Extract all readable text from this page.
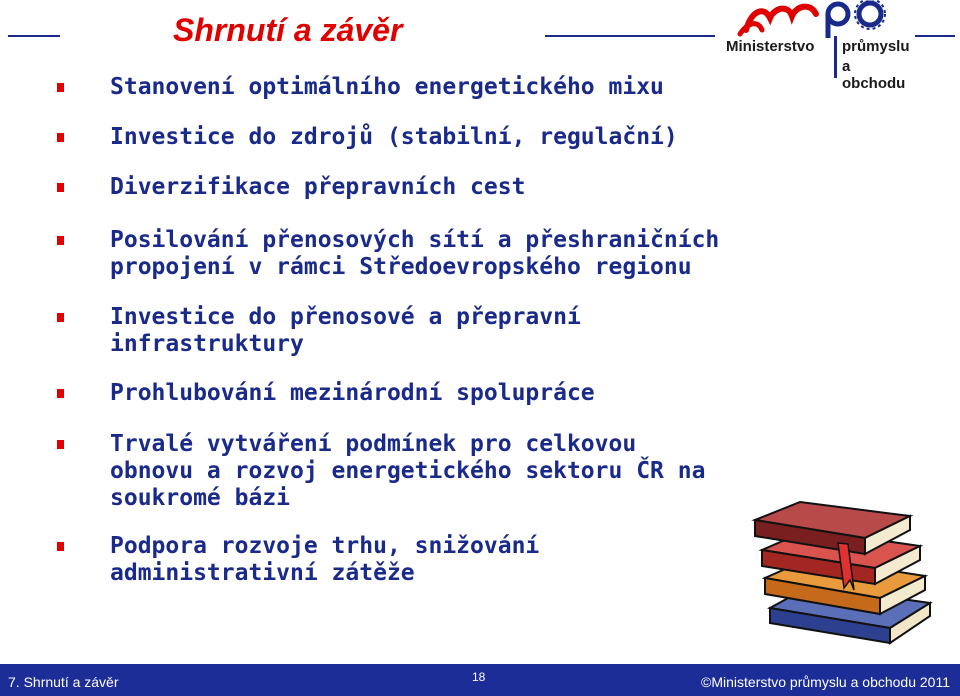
Shrnutí a závěr	Ministerstvo průmyslu
a obchodu
Stanovení optimálního energetického mixu
Investice do zdrojů (stabilní, regulační)
Diverzifikace přepravních cest
Posilování přenosových sítí a přeshraničních
propojení v rámci Středoevropského regionu
Investice do přenosové a přepravní
infrastruktury
Prohlubování mezinárodní spolupráce
Trvalé vytváření podmínek pro celkovou
obnovu a rozvoj energetického sektoru ČR na
soukromé bázi
Podpora rozvoje trhu, snižování
administrativní zátěže
7. Shrnutí a závěr	18	©Ministerstvo průmyslu a obchodu 2011
